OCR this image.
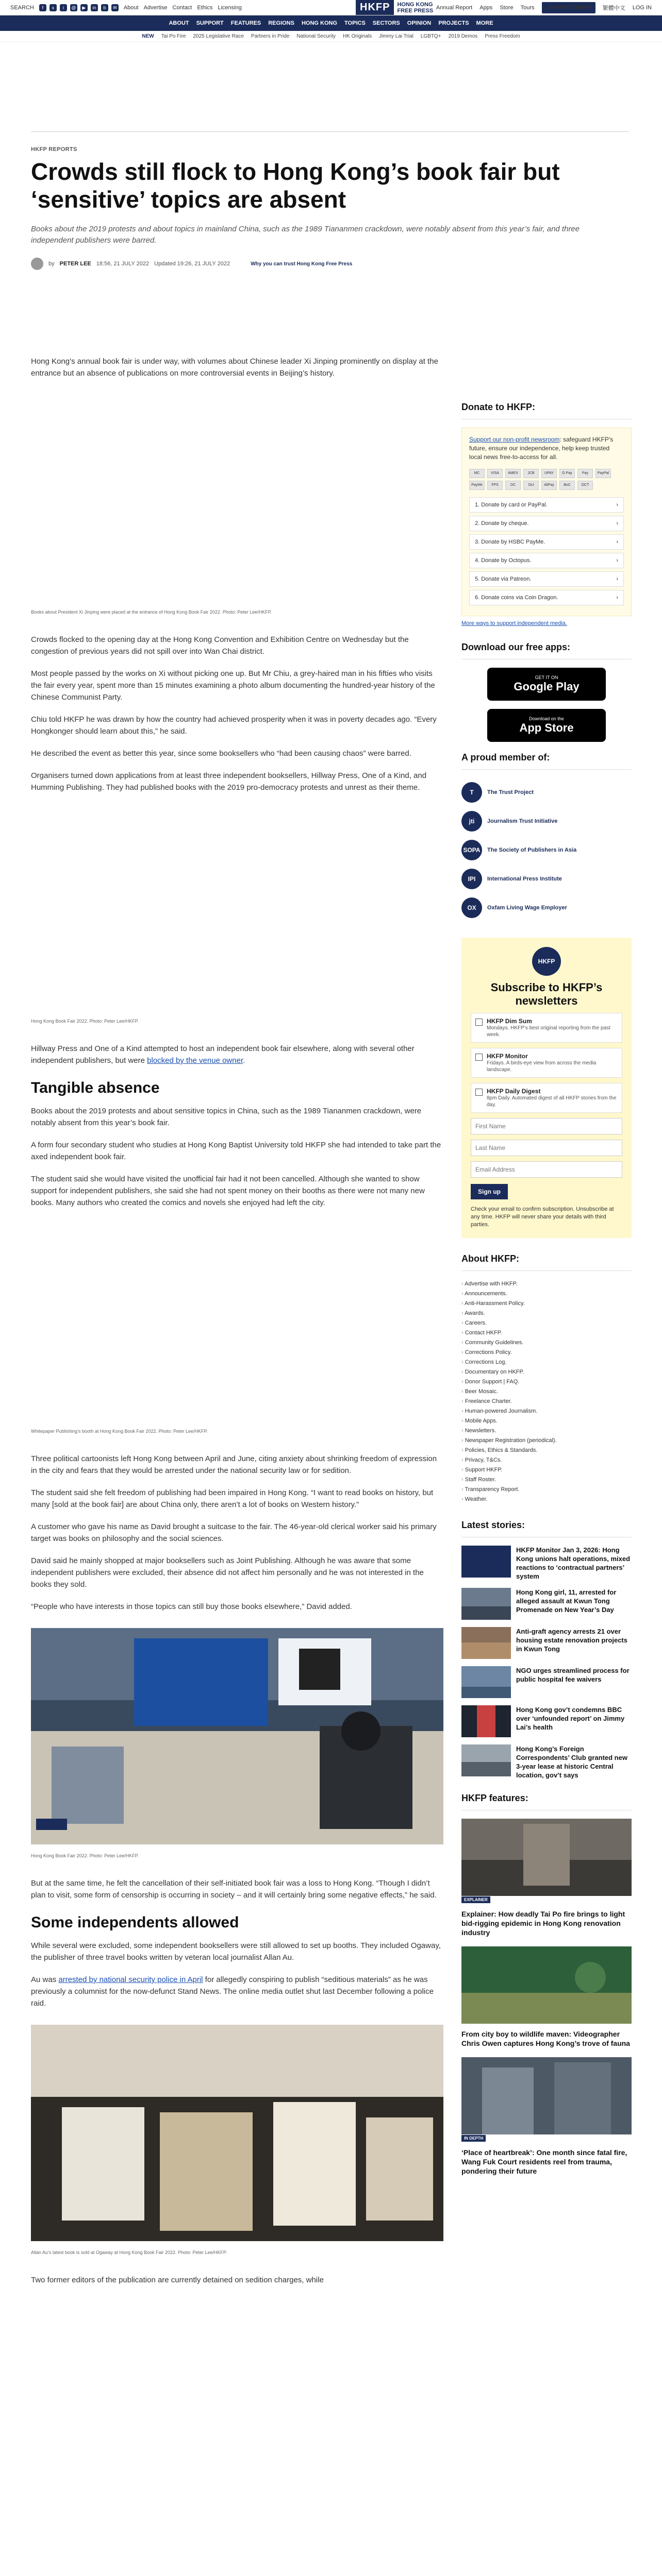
SEARCH	f	x	i	@	▶	in	b	✉ About Advertise Contact Ethics Licensing	HKFP	HONG KONG
FREE PRESS Annual Report Apps Store Tours	SUPPORT HKFP	繁體中文 LOG IN
ABOUT SUPPORT FEATURES REGIONS HONG KONG TOPICS SECTORS OPINION PROJECTS MORE
NEW Tai Po Fire 2025 Legislative Race Partners in Pride National Security HK Originals Jimmy Lai Trial LGBTQ+ 2019 Demos Press Freedom
HKFP REPORTS
Crowds still flock to Hong Kong’s book fair but ‘sensitive’ topics are absent

Books about the 2019 protests and about topics in mainland China, such as the 1989 Tiananmen crackdown, were notably absent from this year’s fair, and three independent publishers were barred.

by PETER LEE 18:56, 21 JULY 2022 Updated 19:26, 21 JULY 2022	Why you can trust Hong Kong Free Press

Hong Kong’s annual book fair is under way, with volumes about Chinese leader Xi Jinping prominently on display at the entrance but an absence of publications on more controversial events in Beijing’s history.

Books about President Xi Jinping were placed at the entrance of Hong Kong Book Fair 2022. Photo: Peter Lee/HKFP.

Crowds flocked to the opening day at the Hong Kong Convention and Exhibition Centre on Wednesday but the congestion of previous years did not spill over into Wan Chai district.

Most people passed by the works on Xi without picking one up. But Mr Chiu, a grey-haired man in his fifties who visits the fair every year, spent more than 15 minutes examining a photo album documenting the hundred-year history of the Chinese Communist Party.

Chiu told HKFP he was drawn by how the country had achieved prosperity when it was in poverty decades ago. “Every Hongkonger should learn about this,” he said.

He described the event as better this year, since some booksellers who “had been causing chaos” were barred.

Organisers turned down applications from at least three independent booksellers, Hillway Press, One of a Kind, and Humming Publishing. They had published books with the 2019 pro-democracy protests and unrest as their theme.

Hong Kong Book Fair 2022. Photo: Peter Lee/HKFP.

Hillway Press and One of a Kind attempted to host an independent book fair elsewhere, along with several other independent publishers, but were blocked by the venue owner.

Tangible absence

Books about the 2019 protests and about sensitive topics in China, such as the 1989 Tiananmen crackdown, were notably absent from this year’s book fair.

A form four secondary student who studies at Hong Kong Baptist University told HKFP she had intended to take part the axed independent book fair.

The student said she would have visited the unofficial fair had it not been cancelled. Although she wanted to show support for independent publishers, she said she had not spent money on their booths as there were not many new books. Many authors who created the comics and novels she enjoyed had left the city.

Whitepaper Publishing’s booth at Hong Kong Book Fair 2022. Photo: Peter Lee/HKFP.

Three political cartoonists left Hong Kong between April and June, citing anxiety about shrinking freedom of expression in the city and fears that they would be arrested under the national security law or for sedition.

The student said she felt freedom of publishing had been impaired in Hong Kong. “I want to read books on history, but many [sold at the book fair] are about China only, there aren’t a lot of books on Western history.”

A customer who gave his name as David brought a suitcase to the fair. The 46-year-old clerical worker said his primary target was books on philosophy and the social sciences.

David said he mainly shopped at major booksellers such as Joint Publishing. Although he was aware that some independent publishers were excluded, their absence did not affect him personally and he was not interested in the books they sold.

“People who have interests in those topics can still buy those books elsewhere,” David added.

Hong Kong Book Fair 2022. Photo: Peter Lee/HKFP.

But at the same time, he felt the cancellation of their self-initiated book fair was a loss to Hong Kong. “Though I didn’t plan to visit, some form of censorship is occurring in society – and it will certainly bring some negative effects,” he said.

Some independents allowed

While several were excluded, some independent booksellers were still allowed to set up booths. They included Ogaway, the publisher of three travel books written by veteran local journalist Allan Au.

Au was arrested by national security police in April for allegedly conspiring to publish “seditious materials” as he was previously a columnist for the now-defunct Stand News. The online media outlet shut last December following a police raid.

Allan Au’s latest book is sold at Ogaway at Hong Kong Book Fair 2022. Photo: Peter Lee/HKFP.

Two former editors of the publication are currently detained on sedition charges, while

Donate to HKFP:

Support our non-profit newsroom: safeguard HKFP’s future, ensure our independence, help keep trusted local news free-to-access for all.

MC	VISA	AMEX	JCB	UPAY	G Pay	Pay	PayPal
PayMe	FPS	DC	Oct	AliPay	BoC	OCT
1. Donate by card or PayPal.	›
2. Donate by cheque.	›
3. Donate by HSBC PayMe.	›
4. Donate by Octopus.	›
5. Donate via Patreon.	›
6. Donate coins via Coin Dragon.	›
More ways to support independent media.
Download our free apps:
GET IT ON
Google Play
Download on the
App Store
A proud member of:
T	The Trust Project
jti	Journalism Trust Initiative
SOPA	The Society of Publishers in Asia
IPI	International Press Institute
OX	Oxfam Living Wage Employer
HKFP
Subscribe to HKFP’s newsletters
HKFP Dim Sum
Mondays. HKFP’s best original reporting from the past week.
HKFP Monitor
Fridays. A birds-eye view from across the media landscape.
HKFP Daily Digest
8pm Daily. Automated digest of all HKFP stories from the day.
First Name Last Name Email Address Sign up

Check your email to confirm subscription. Unsubscribe at any time. HKFP will never share your details with third parties.

About HKFP:
› Advertise with HKFP.
› Announcements.
› Anti-Harassment Policy.
› Awards.
› Careers.
› Contact HKFP.
› Community Guidelines.
› Corrections Policy.
› Corrections Log.
› Documentary on HKFP.
› Donor Support | FAQ.
› Beer Mosaic.
› Freelance Charter.
› Human-powered Journalism.
› Mobile Apps.
› Newsletters.
› Newspaper Registration (periodical).
› Policies, Ethics & Standards.
› Privacy, T&Cs.
› Support HKFP.
› Staff Roster.
› Transparency Report.
› Weather.
Latest stories:
HKFP Monitor Jan 3, 2026: Hong Kong unions halt operations, mixed reactions to ‘contractual partners’ system
Hong Kong girl, 11, arrested for alleged assault at Kwun Tong Promenade on New Year’s Day
Anti-graft agency arrests 21 over housing estate renovation projects in Kwun Tong
NGO urges streamlined process for public hospital fee waivers
Hong Kong gov’t condemns BBC over ‘unfounded report’ on Jimmy Lai’s health
Hong Kong’s Foreign Correspondents’ Club granted new 3-year lease at historic Central location, gov’t says
HKFP features:
EXPLAINER
Explainer: How deadly Tai Po fire brings to light bid-rigging epidemic in Hong Kong renovation industry
From city boy to wildlife maven: Videographer Chris Owen captures Hong Kong’s trove of fauna
IN DEPTH
‘Place of heartbreak’: One month since fatal fire, Wang Fuk Court residents reel from trauma, pondering their future
